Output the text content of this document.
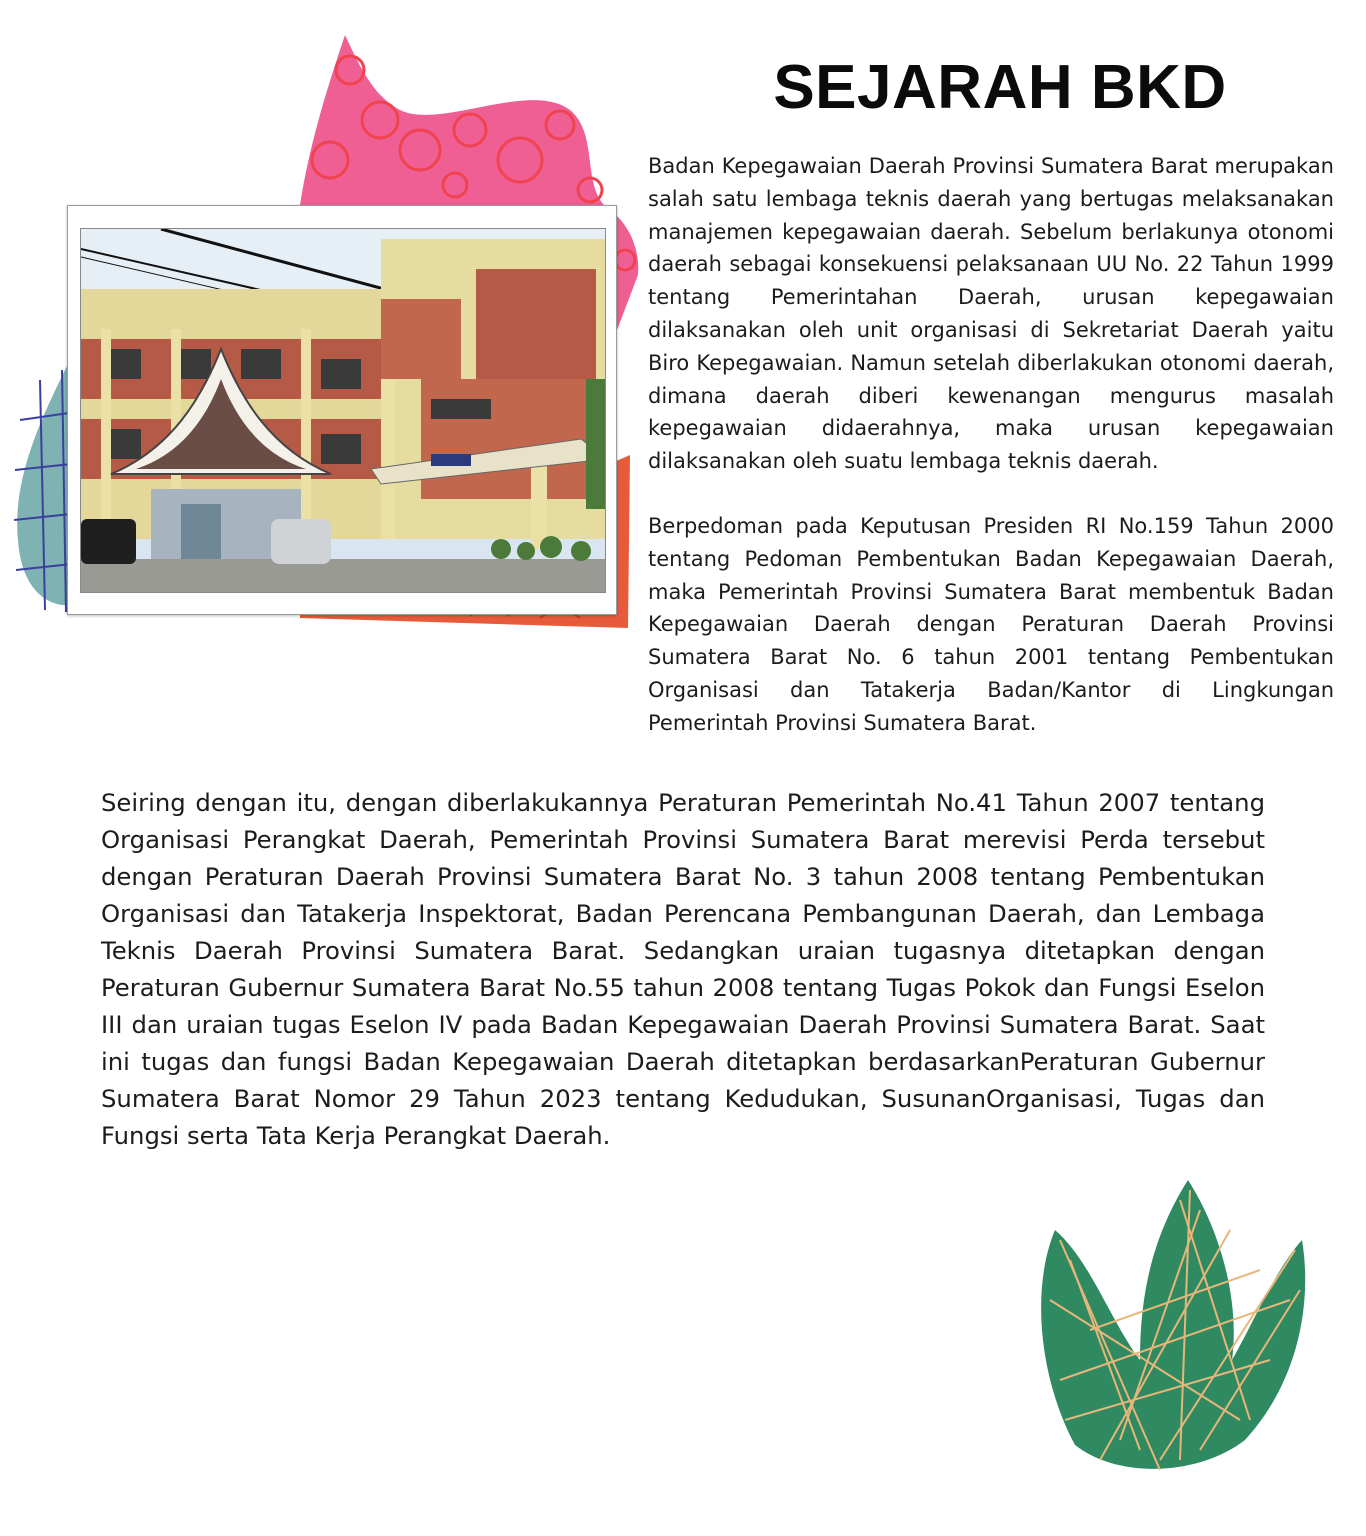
SEJARAH BKD

Badan Kepegawaian Daerah Provinsi Sumatera Barat merupakan salah satu lembaga teknis daerah yang bertugas melaksanakan manajemen kepegawaian daerah. Sebelum berlakunya otonomi daerah sebagai konsekuensi pelaksanaan UU No. 22 Tahun 1999 tentang Pemerintahan Daerah, urusan kepegawaian dilaksanakan oleh unit organisasi di Sekretariat Daerah yaitu Biro Kepegawaian. Namun setelah diberlakukan otonomi daerah, dimana daerah diberi kewenangan mengurus masalah kepegawaian didaerahnya, maka urusan kepegawaian dilaksanakan oleh suatu lembaga teknis daerah.

Berpedoman pada Keputusan Presiden RI No.159 Tahun 2000 tentang Pedoman Pembentukan Badan Kepegawaian Daerah, maka Pemerintah Provinsi Sumatera Barat membentuk Badan Kepegawaian Daerah dengan Peraturan Daerah Provinsi Sumatera Barat No. 6 tahun 2001 tentang Pembentukan Organisasi dan Tatakerja Badan/Kantor di Lingkungan Pemerintah Provinsi Sumatera Barat.

Seiring dengan itu, dengan diberlakukannya Peraturan Pemerintah No.41 Tahun 2007 tentang Organisasi Perangkat Daerah, Pemerintah Provinsi Sumatera Barat merevisi Perda tersebut dengan Peraturan Daerah Provinsi Sumatera Barat No. 3 tahun 2008 tentang Pembentukan Organisasi dan Tatakerja Inspektorat, Badan Perencana Pembangunan Daerah, dan Lembaga Teknis Daerah Provinsi Sumatera Barat. Sedangkan uraian tugasnya ditetapkan dengan Peraturan Gubernur Sumatera Barat No.55 tahun 2008 tentang Tugas Pokok dan Fungsi Eselon III dan uraian tugas Eselon IV pada Badan Kepegawaian Daerah Provinsi Sumatera Barat. Saat ini tugas dan fungsi Badan Kepegawaian Daerah ditetapkan berdasarkanPeraturan Gubernur Sumatera Barat Nomor 29 Tahun 2023 tentang Kedudukan, SusunanOrganisasi, Tugas dan Fungsi serta Tata Kerja Perangkat Daerah.
